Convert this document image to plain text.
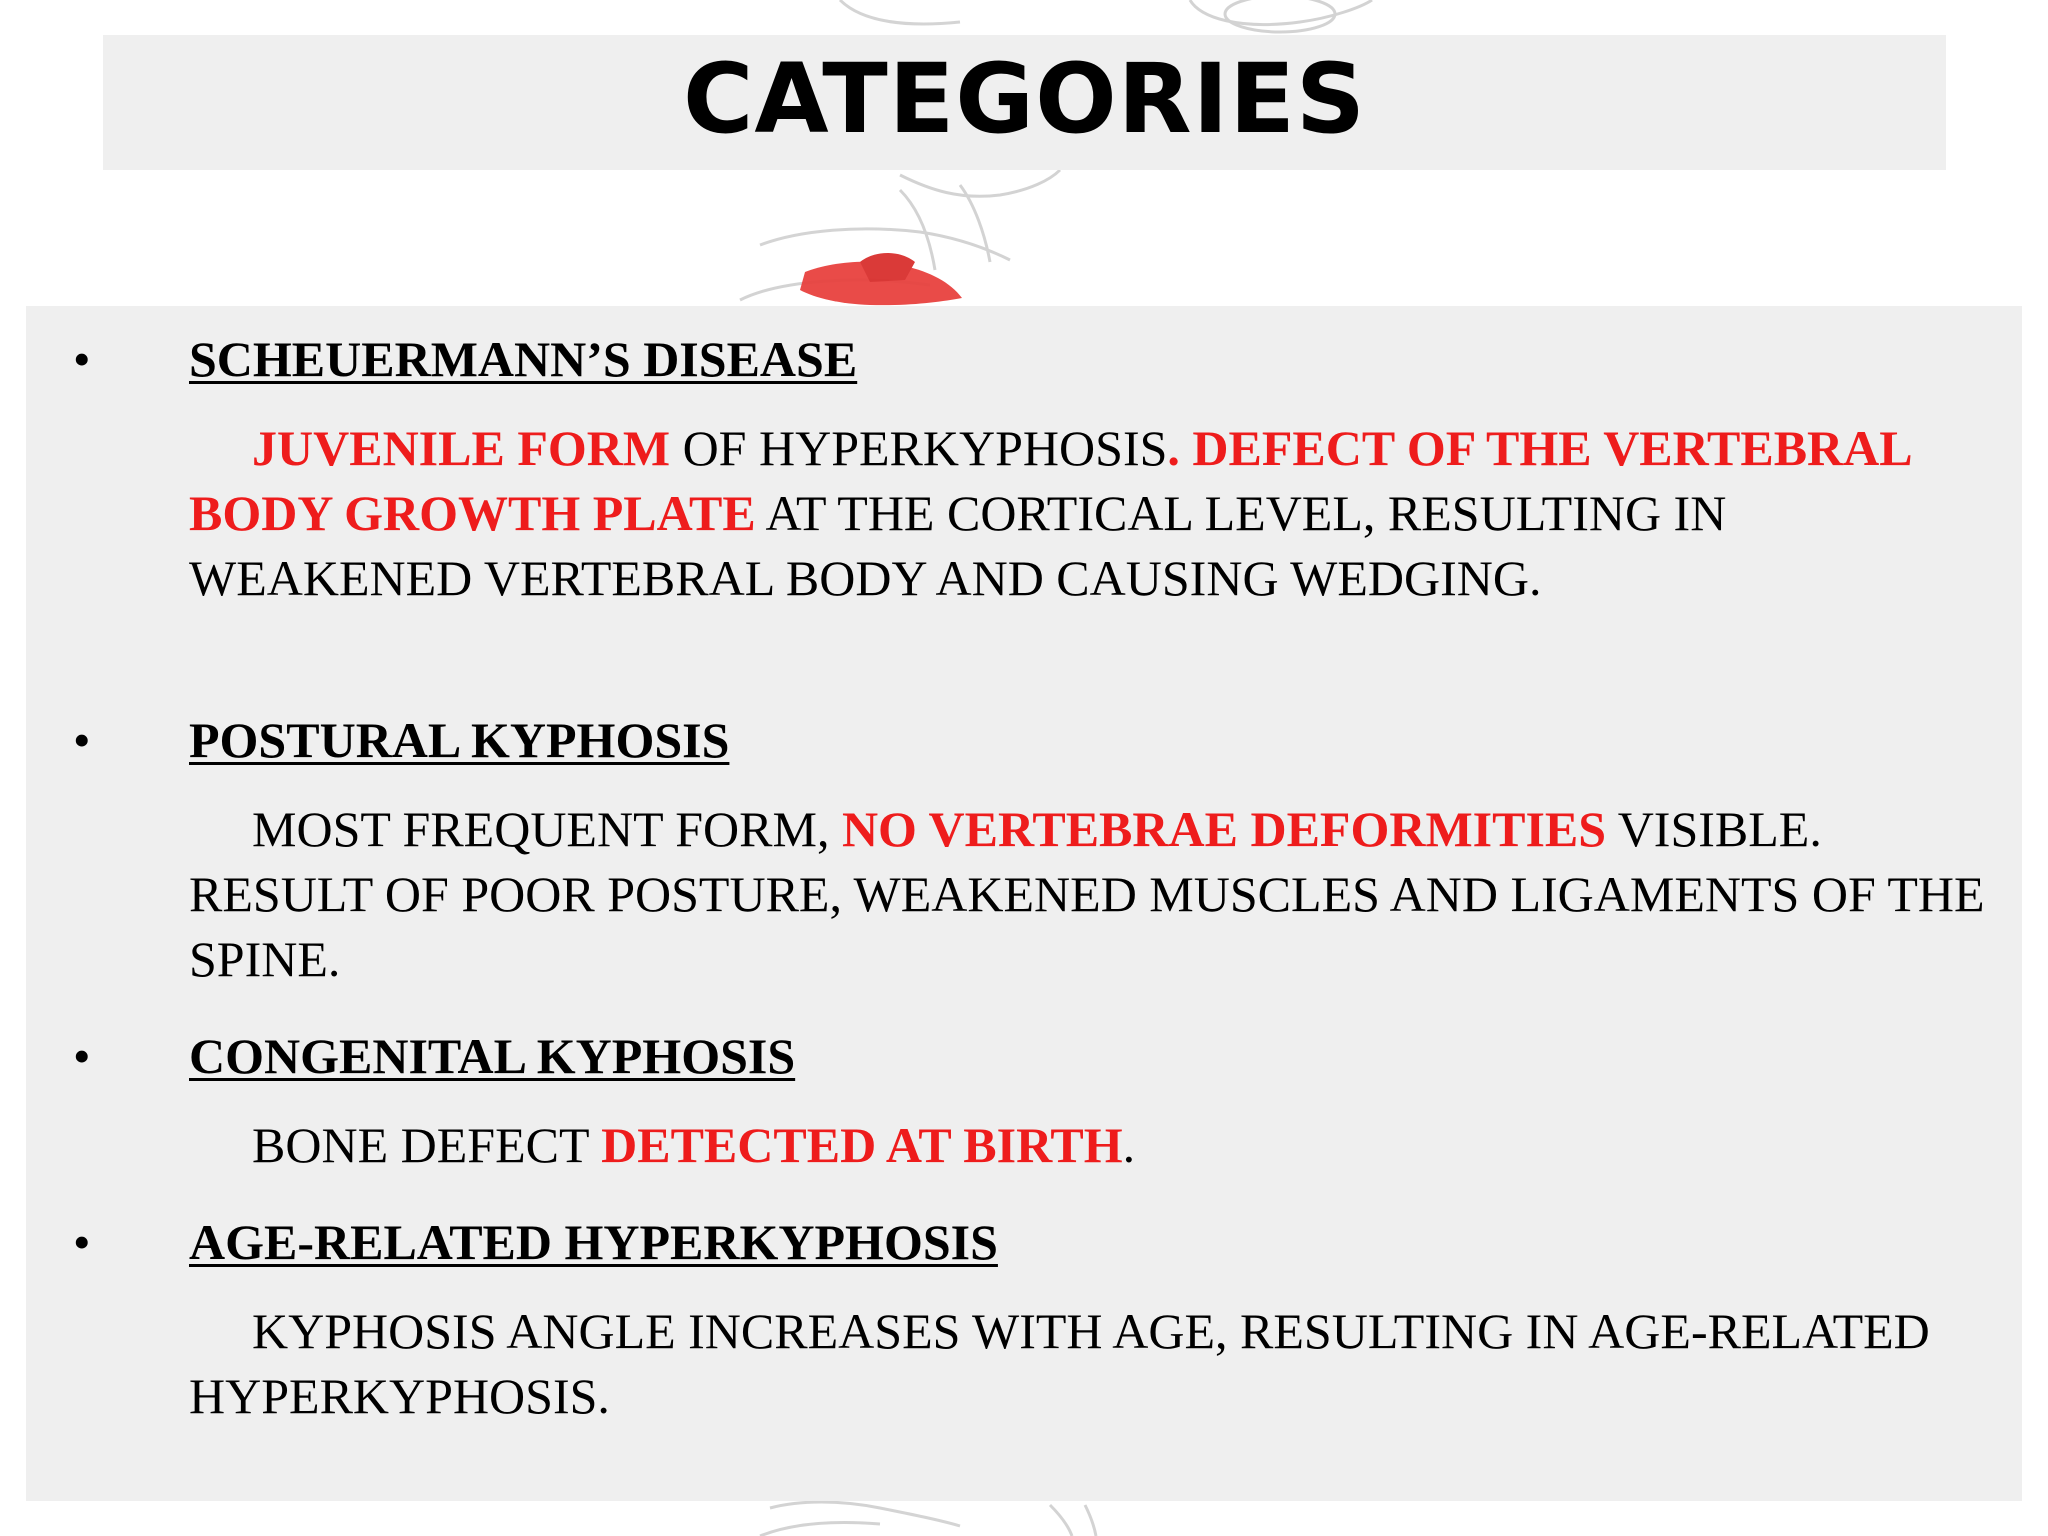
CATEGORIES
• SCHEUERMANN’S DISEASE
JUVENILE FORM OF HYPERKYPHOSIS. DEFECT OF THE VERTEBRAL BODY GROWTH PLATE AT THE CORTICAL LEVEL, RESULTING IN WEAKENED VERTEBRAL BODY AND CAUSING WEDGING.
• POSTURAL KYPHOSIS
MOST FREQUENT FORM, NO VERTEBRAE DEFORMITIES VISIBLE. RESULT OF POOR POSTURE, WEAKENED MUSCLES AND LIGAMENTS OF THE SPINE.
• CONGENITAL KYPHOSIS
BONE DEFECT DETECTED AT BIRTH.
• AGE-RELATED HYPERKYPHOSIS
KYPHOSIS ANGLE INCREASES WITH AGE, RESULTING IN AGE-RELATED HYPERKYPHOSIS.
